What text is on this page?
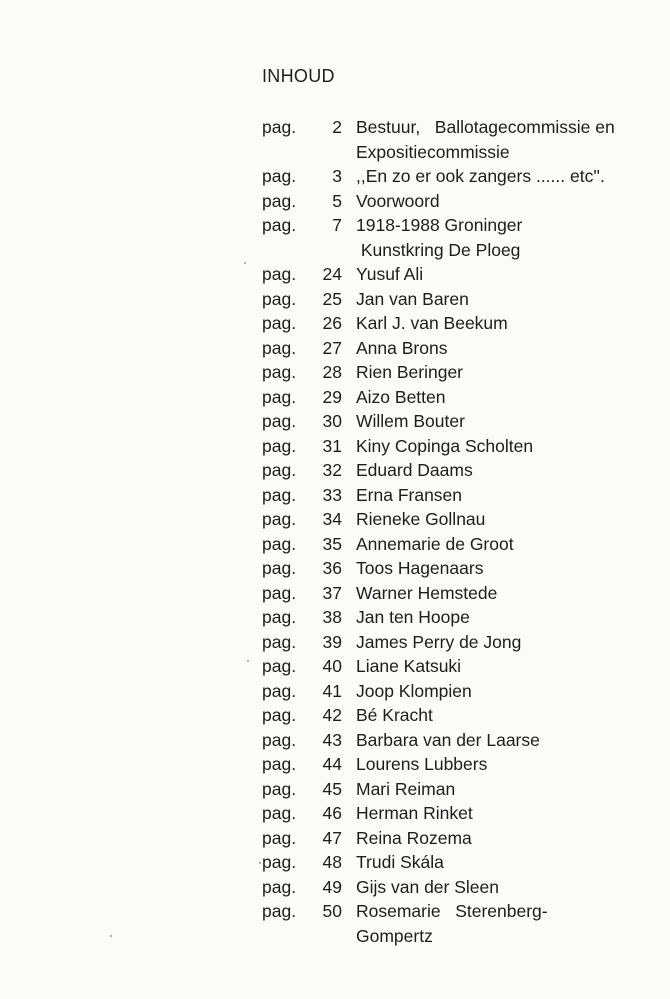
INHOUD
pag.	2 Bestuur,   Ballotagecommissie en
Expositiecommissie
pag.	3 ,,En zo er ook zangers ...... etc''.
pag.	5 Voorwoord
pag.	7 1918-1988 Groninger
Kunstkring De Ploeg
pag.	24 Yusuf Ali
pag.	25 Jan van Baren
pag.	26 Karl J. van Beekum
pag.	27 Anna Brons
pag.	28 Rien Beringer
pag.	29 Aizo Betten
pag.	30 Willem Bouter
pag.	31 Kiny Copinga Scholten
pag.	32 Eduard Daams
pag.	33 Erna Fransen
pag.	34 Rieneke Gollnau
pag.	35 Annemarie de Groot
pag.	36 Toos Hagenaars
pag.	37 Warner Hemstede
pag.	38 Jan ten Hoope
pag.	39 James Perry de Jong
pag.	40 Liane Katsuki
pag.	41 Joop Klompien
pag.	42 Bé Kracht
pag.	43 Barbara van der Laarse
pag.	44 Lourens Lubbers
pag.	45 Mari Reiman
pag.	46 Herman Rinket
pag.	47 Reina Rozema
pag.	48 Trudi Skála
pag.	49 Gijs van der Sleen
pag.	50 Rosemarie   Sterenberg-
Gompertz
